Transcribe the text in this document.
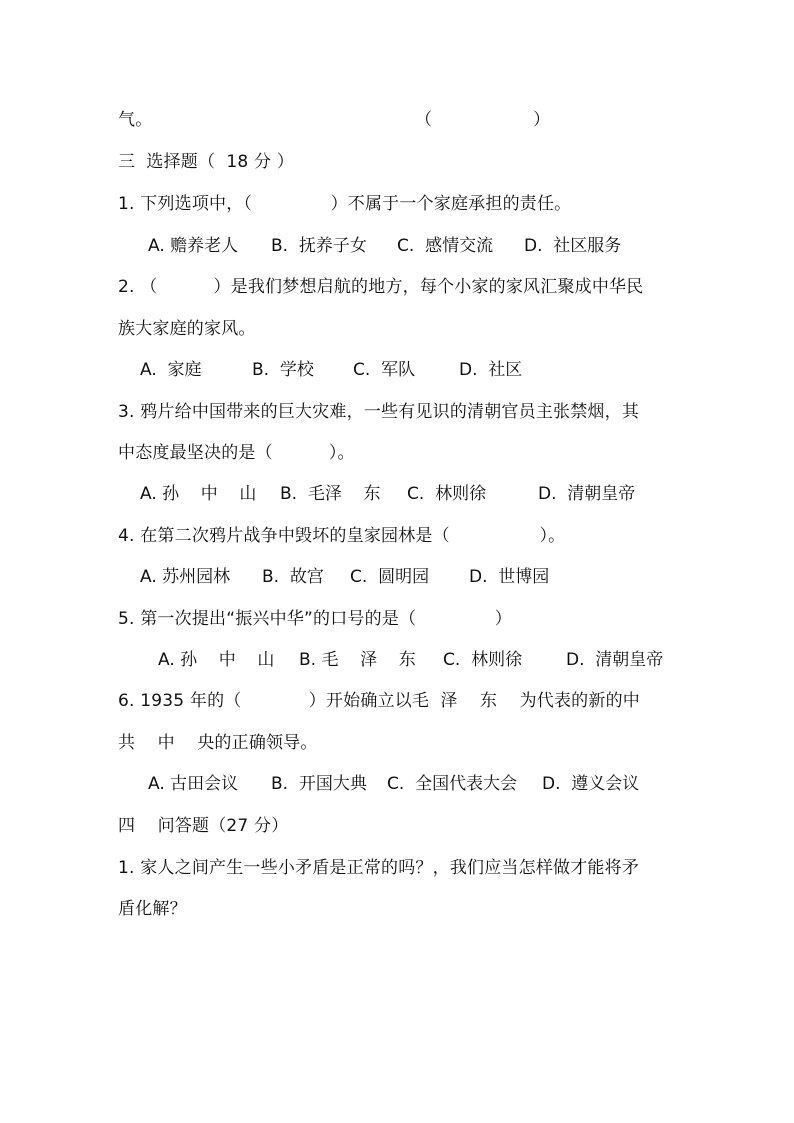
气。	（                  ）
三  选择题（  18 分 ）
1. 下列选项中，（              ）不属于一个家庭承担的责任。
A. 赡养老人 B.  抚养子女 C.  感情交流 D.  社区服务
2. （          ）是我们梦想启航的地方，每个小家的家风汇聚成中华民
族大家庭的家风。
A.  家庭	B.  学校 C.  军队	D.  社区
3. 鸦片给中国带来的巨大灾难，一些有见识的清朝官员主张禁烟，其
中态度最坚决的是（          ）。
A. 孙    中    山 B.  毛泽    东 C.  林则徐	D.  清朝皇帝
4. 在第二次鸦片战争中毁坏的皇家园林是（                ）。
A. 苏州园林 B.  故宫 C.  圆明园 D.  世博园
5. 第一次提出“振兴中华”的口号的是（              ）
A. 孙    中    山 B. 毛    泽    东 C.  林则徐	D.  清朝皇帝
6. 1935 年的（            ）开始确立以毛  泽    东    为代表的新的中
共    中    央的正确领导。
A. 古田会议 B.  开国大典 C.  全国代表大会 D.  遵义会议
四    问答题（27 分）
1. 家人之间产生一些小矛盾是正常的吗？，我们应当怎样做才能将矛
盾化解？
